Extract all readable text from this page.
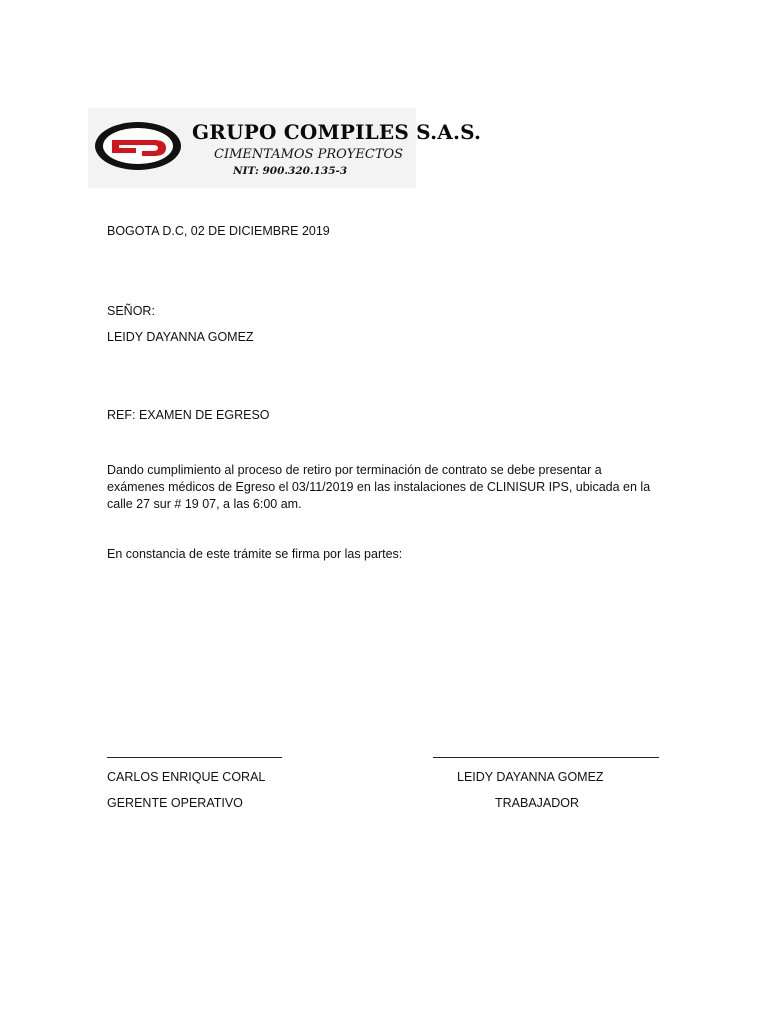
GRUPO COMPILES S.A.S.
CIMENTAMOS PROYECTOS
NIT: 900.320.135-3
BOGOTA D.C, 02 DE DICIEMBRE 2019
SEÑOR:
LEIDY DAYANNA GOMEZ
REF: EXAMEN DE EGRESO
Dando cumplimiento al proceso de retiro por terminación de contrato se debe presentar a
exámenes médicos de Egreso el 03/11/2019 en las instalaciones de CLINISUR IPS, ubicada en la
calle 27 sur # 19 07, a las 6:00 am.
En constancia de este trámite se firma por las partes:
CARLOS ENRIQUE CORAL
GERENTE OPERATIVO
LEIDY DAYANNA GOMEZ
TRABAJADOR
